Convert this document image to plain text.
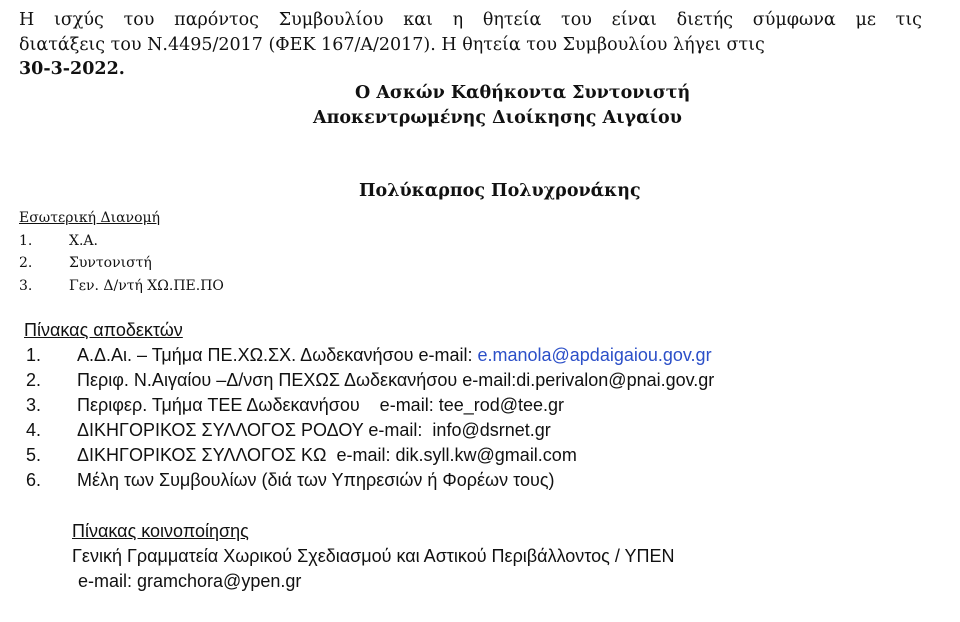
Η ισχύς του παρόντος Συμβουλίου και η θητεία του είναι διετής σύμφωνα με τις
διατάξεις του Ν.4495/2017 (ΦΕΚ 167/Α/2017). Η θητεία του Συμβουλίου λήγει στις
30-3-2022.
Ο Ασκών Καθήκοντα Συντονιστή
Αποκεντρωμένης Διοίκησης Αιγαίου
Πολύκαρπος Πολυχρονάκης
Εσωτερική Διανομή
1.	Χ.Α.
2.	Συντονιστή
3.	Γεν. Δ/ντή ΧΩ.ΠΕ.ΠΟ
Πίνακας αποδεκτών
1. Α.Δ.Αι. – Τμήμα ΠΕ.ΧΩ.ΣΧ. Δωδεκανήσου e-mail: e.manola@apdaigaiou.gov.gr
2. Περιφ. Ν.Αιγαίου –Δ/νση ΠΕΧΩΣ Δωδεκανήσου e-mail:di.perivalon@pnai.gov.gr
3. Περιφερ. Τμήμα ΤΕΕ Δωδεκανήσου    e-mail: tee_rod@tee.gr
4. ΔΙΚΗΓΟΡΙΚΟΣ ΣΥΛΛΟΓΟΣ ΡΟΔΟΥ e-mail:  info@dsrnet.gr
5. ΔΙΚΗΓΟΡΙΚΟΣ ΣΥΛΛΟΓΟΣ ΚΩ  e-mail: dik.syll.kw@gmail.com
6. Μέλη των Συμβουλίων (διά των Υπηρεσιών ή Φορέων τους)
Πίνακας κοινοποίησης
Γενική Γραμματεία Χωρικού Σχεδιασμού και Αστικού Περιβάλλοντος / ΥΠΕΝ
e-mail: gramchora@ypen.gr
